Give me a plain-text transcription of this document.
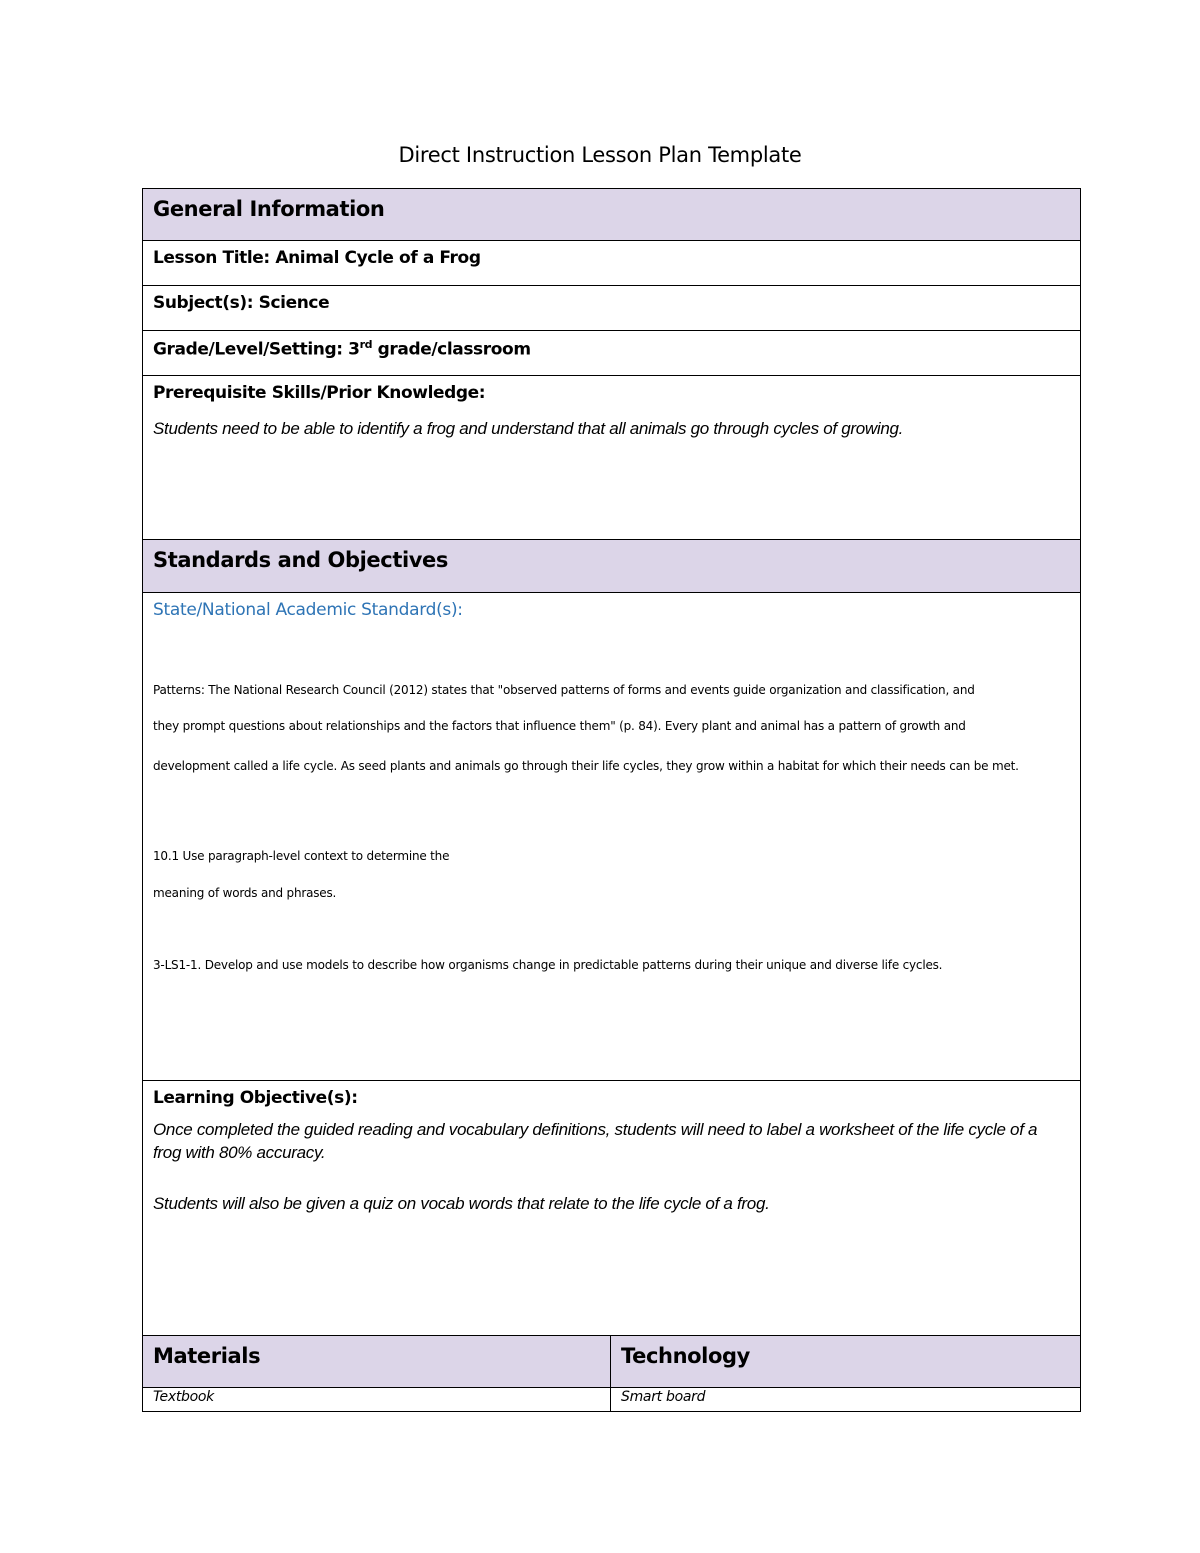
Direct Instruction Lesson Plan Template
General Information
Lesson Title: Animal Cycle of a Frog
Subject(s): Science
Grade/Level/Setting: 3rd grade/classroom
Prerequisite Skills/Prior Knowledge:
Students need to be able to identify a frog and understand that all animals go through cycles of growing.
Standards and Objectives
State/National Academic Standard(s):
Patterns: The National Research Council (2012) states that "observed patterns of forms and events guide organization and classification, and
they prompt questions about relationships and the factors that influence them" (p. 84). Every plant and animal has a pattern of growth and
development called a life cycle. As seed plants and animals go through their life cycles, they grow within a habitat for which their needs can be met.
10.1 Use paragraph-level context to determine the
meaning of words and phrases.
3-LS1-1. Develop and use models to describe how organisms change in predictable patterns during their unique and diverse life cycles.
Learning Objective(s):
Once completed the guided reading and vocabulary definitions, students will need to label a worksheet of the life cycle of a frog with 80% accuracy.
Students will also be given a quiz on vocab words that relate to the life cycle of a frog.
Materials	Technology
Textbook	Smart board
